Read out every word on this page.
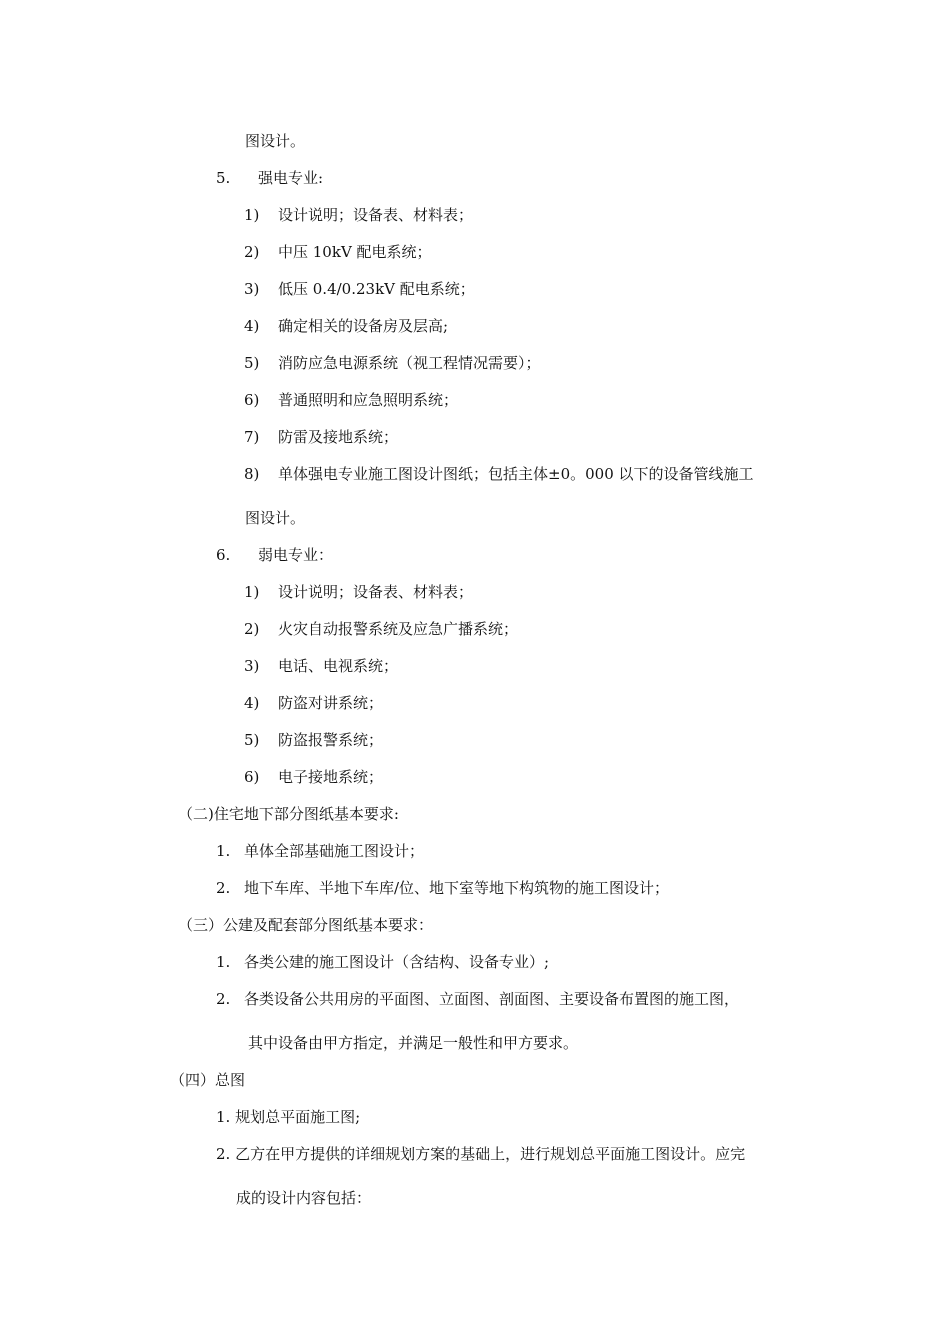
图设计。
5. 强电专业:
1) 设计说明；设备表、材料表；
2) 中压 10kV 配电系统；
3) 低压 0.4/0.23kV 配电系统；
4) 确定相关的设备房及层高;
5) 消防应急电源系统（视工程情况需要）；
6) 普通照明和应急照明系统；
7) 防雷及接地系统；
8) 单体强电专业施工图设计图纸；包括主体±0。000 以下的设备管线施工
图设计。
6. 弱电专业：
1) 设计说明；设备表、材料表；
2) 火灾自动报警系统及应急广播系统；
3) 电话、电视系统；
4) 防盗对讲系统；
5) 防盗报警系统；
6) 电子接地系统；
（二)住宅地下部分图纸基本要求:
1. 单体全部基础施工图设计；
2. 地下车库、半地下车库/位、地下室等地下构筑物的施工图设计；
（三）公建及配套部分图纸基本要求：
1. 各类公建的施工图设计（含结构、设备专业）;
2. 各类设备公共用房的平面图、立面图、剖面图、主要设备布置图的施工图，
其中设备由甲方指定，并满足一般性和甲方要求。
（四）总图
1. 规划总平面施工图;
2. 乙方在甲方提供的详细规划方案的基础上，进行规划总平面施工图设计。应完
成的设计内容包括：
